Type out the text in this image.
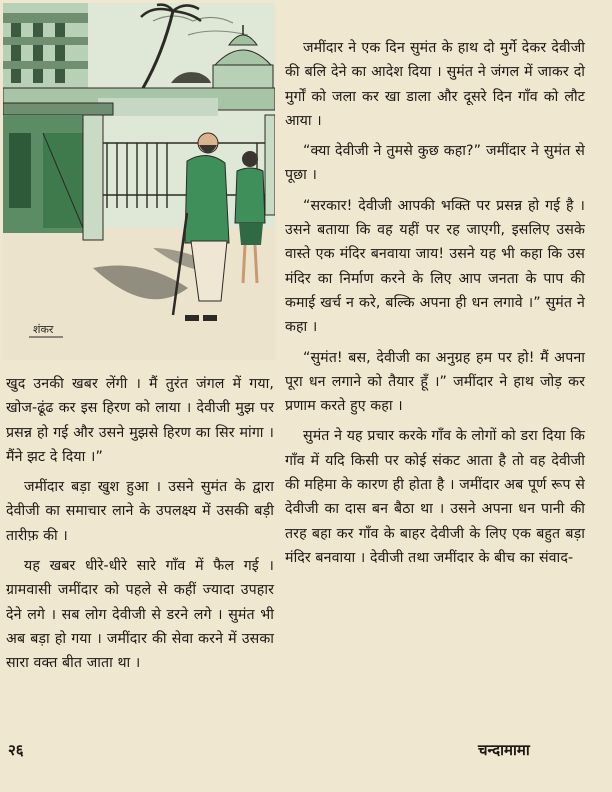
शंकर

जमींदार ने एक दिन सुमंत के हाथ दो मुर्गे देकर देवीजी की बलि देने का आदेश दिया । सुमंत ने जंगल में जाकर दो मुर्गों को जला कर खा डाला और दूसरे दिन गाँव को लौट आया ।

“क्या देवीजी ने तुमसे कुछ कहा?” जमींदार ने सुमंत से पूछा ।

“सरकार! देवीजी आपकी भक्ति पर प्रसन्न हो गई है । उसने बताया कि वह यहीं पर रह जाएगी, इसलिए उसके वास्ते एक मंदिर बनवाया जाय! उसने यह भी कहा कि उस मंदिर का निर्माण करने के लिए आप जनता के पाप की कमाई खर्च न करे, बल्कि अपना ही धन लगावे ।” सुमंत ने कहा ।

“सुमंत! बस, देवीजी का अनुग्रह हम पर हो! मैं अपना पूरा धन लगाने को तैयार हूँ ।” जमींदार ने हाथ जोड़ कर प्रणाम करते हुए कहा ।

सुमंत ने यह प्रचार करके गाँव के लोगों को डरा दिया कि गाँव में यदि किसी पर कोई संकट आता है तो वह देवीजी की महिमा के कारण ही होता है । जमींदार अब पूर्ण रूप से देवीजी का दास बन बैठा था । उसने अपना धन पानी की तरह बहा कर गाँव के बाहर देवीजी के लिए एक बहुत बड़ा मंदिर बनवाया । देवीजी तथा जमींदार के बीच का संवाद-

खुद उनकी खबर लेंगी । मैं तुरंत जंगल में गया, खोज-ढूंढ कर इस हिरण को लाया । देवीजी मुझ पर प्रसन्न हो गई और उसने मुझसे हिरण का सिर मांगा । मैंने झट दे दिया ।”

जमींदार बड़ा खुश हुआ । उसने सुमंत के द्वारा देवीजी का समाचार लाने के उपलक्ष्य में उसकी बड़ी तारीफ़ की ।

यह खबर धीरे-धीरे सारे गाँव में फैल गई । ग्रामवासी जमींदार को पहले से कहीं ज्यादा उपहार देने लगे । सब लोग देवीजी से डरने लगे । सुमंत भी अब बड़ा हो गया । जमींदार की सेवा करने में उसका सारा वक्त बीत जाता था ।

२६	चन्दामामा
